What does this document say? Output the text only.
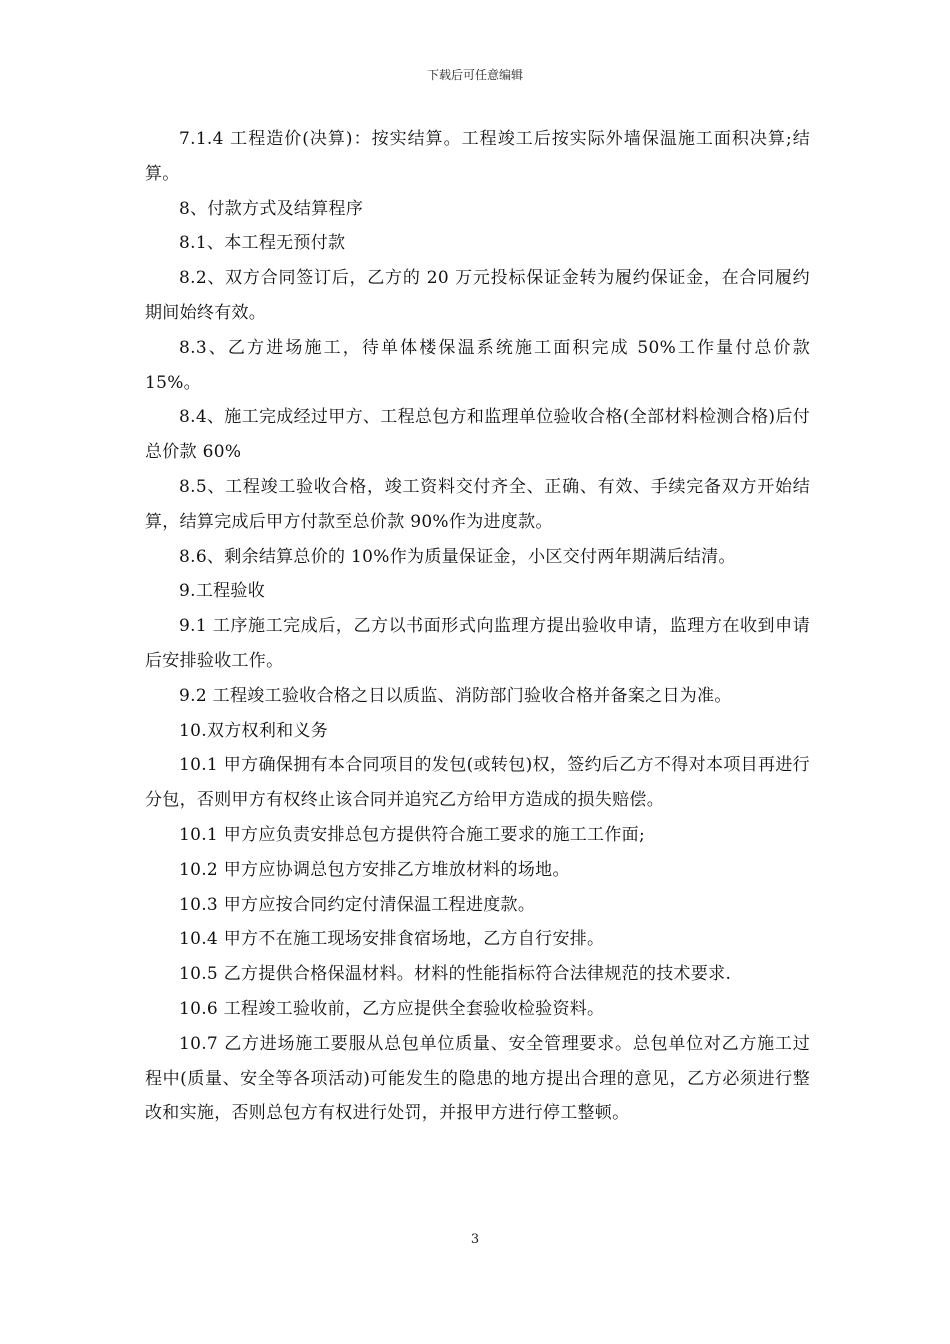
下载后可任意编辑

7.1.4 工程造价(决算)：按实结算。工程竣工后按实际外墙保温施工面积决算;结算。

8、付款方式及结算程序

8.1、本工程无预付款

8.2、双方合同签订后，乙方的 20 万元投标保证金转为履约保证金，在合同履约期间始终有效。

8.3、乙方进场施工，待单体楼保温系统施工面积完成 50%工作量付总价款 15%。

8.4、施工完成经过甲方、工程总包方和监理单位验收合格(全部材料检测合格)后付总价款 60%

8.5、工程竣工验收合格，竣工资料交付齐全、正确、有效、手续完备双方开始结算，结算完成后甲方付款至总价款 90%作为进度款。

8.6、剩余结算总价的 10%作为质量保证金，小区交付两年期满后结清。

9.工程验收

9.1 工序施工完成后，乙方以书面形式向监理方提出验收申请，监理方在收到申请后安排验收工作。

9.2 工程竣工验收合格之日以质监、消防部门验收合格并备案之日为准。

10.双方权利和义务

10.1 甲方确保拥有本合同项目的发包(或转包)权，签约后乙方不得对本项目再进行分包，否则甲方有权终止该合同并追究乙方给甲方造成的损失赔偿。

10.1 甲方应负责安排总包方提供符合施工要求的施工工作面;

10.2 甲方应协调总包方安排乙方堆放材料的场地。

10.3 甲方应按合同约定付清保温工程进度款。

10.4 甲方不在施工现场安排食宿场地，乙方自行安排。

10.5 乙方提供合格保温材料。材料的性能指标符合法律规范的技术要求.

10.6 工程竣工验收前，乙方应提供全套验收检验资料。

10.7 乙方进场施工要服从总包单位质量、安全管理要求。总包单位对乙方施工过程中(质量、安全等各项活动)可能发生的隐患的地方提出合理的意见，乙方必须进行整改和实施，否则总包方有权进行处罚，并报甲方进行停工整顿。

3
